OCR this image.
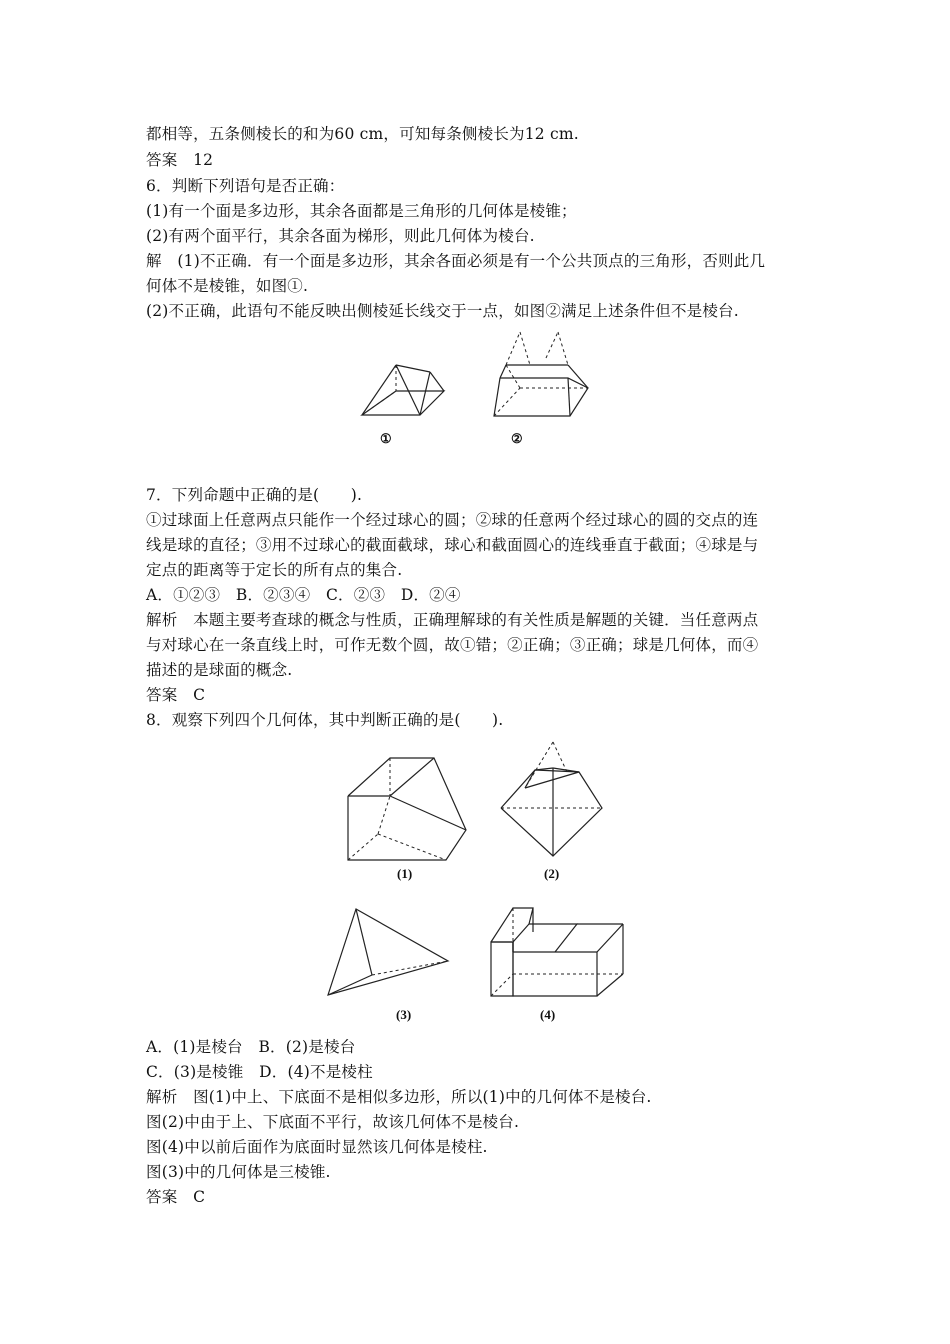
都相等，五条侧棱长的和为60 cm，可知每条侧棱长为12 cm.
答案　12
6．判断下列语句是否正确：
(1)有一个面是多边形，其余各面都是三角形的几何体是棱锥；
(2)有两个面平行，其余各面为梯形，则此几何体为棱台.
解　(1)不正确．有一个面是多边形，其余各面必须是有一个公共顶点的三角形，否则此几
何体不是棱锥，如图①.
(2)不正确，此语句不能反映出侧棱延长线交于一点，如图②满足上述条件但不是棱台.
①	②
7．下列命题中正确的是(　　).
①过球面上任意两点只能作一个经过球心的圆；②球的任意两个经过球心的圆的交点的连
线是球的直径；③用不过球心的截面截球，球心和截面圆心的连线垂直于截面；④球是与
定点的距离等于定长的所有点的集合.
A．①②③　B．②③④　C．②③　D．②④
解析　本题主要考查球的概念与性质，正确理解球的有关性质是解题的关键．当任意两点
与对球心在一条直线上时，可作无数个圆，故①错；②正确；③正确；球是几何体，而④
描述的是球面的概念.
答案　C
8．观察下列四个几何体，其中判断正确的是(　　).
(1)	(2)
(3)	(4)
A．(1)是棱台　B．(2)是棱台
C．(3)是棱锥　D．(4)不是棱柱
解析　图(1)中上、下底面不是相似多边形，所以(1)中的几何体不是棱台.
图(2)中由于上、下底面不平行，故该几何体不是棱台.
图(4)中以前后面作为底面时显然该几何体是棱柱.
图(3)中的几何体是三棱锥.
答案　C
